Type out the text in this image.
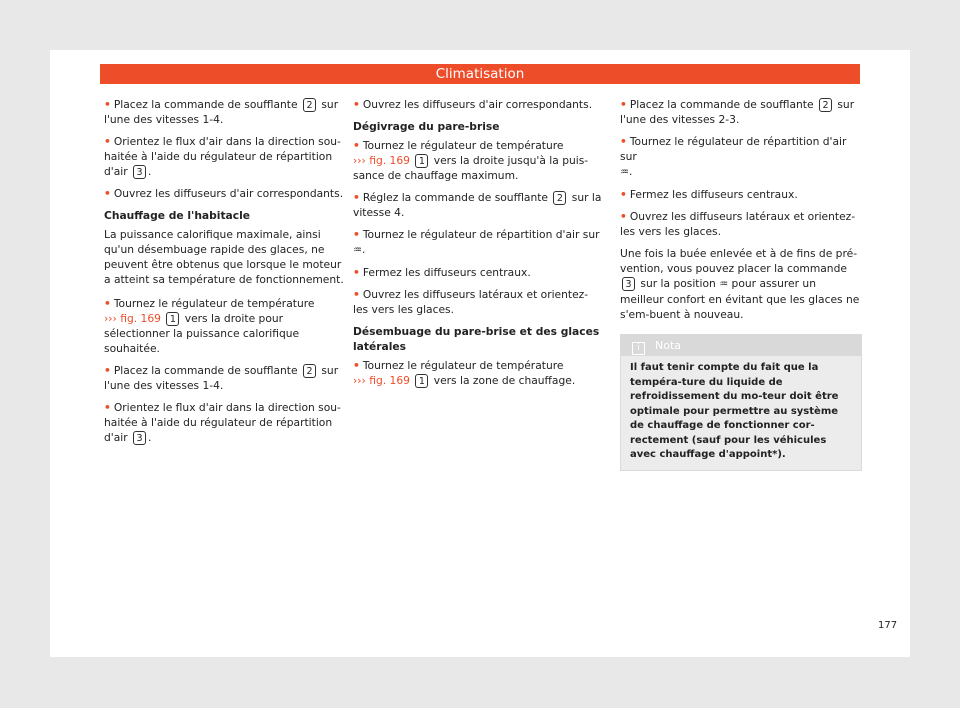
Climatisation

• Placez la commande de soufflante 2 sur l'une des vitesses 1-4.

• Orientez le flux d'air dans la direction sou-haitée à l'aide du régulateur de répartition d'air 3 .

• Ouvrez les diffuseurs d'air correspondants.

Chauffage de l'habitacle

La puissance calorifique maximale, ainsi qu'un désembuage rapide des glaces, ne peuvent être obtenus que lorsque le moteur a atteint sa température de fonctionnement.

• Tournez le régulateur de température
››› fig. 169 1 vers la droite pour sélectionner la puissance calorifique souhaitée.

• Placez la commande de soufflante 2 sur l'une des vitesses 1-4.

• Orientez le flux d'air dans la direction sou-haitée à l'aide du régulateur de répartition d'air 3 .

• Ouvrez les diffuseurs d'air correspondants.

Dégivrage du pare-brise

• Tournez le régulateur de température
››› fig. 169 1 vers la droite jusqu'à la puis-sance de chauffage maximum.

• Réglez la commande de soufflante 2 sur la vitesse 4.

• Tournez le régulateur de répartition d'air sur
♒.

• Fermez les diffuseurs centraux.

• Ouvrez les diffuseurs latéraux et orientez-les vers les glaces.

Désembuage du pare-brise et des glaces latérales

• Tournez le régulateur de température
››› fig. 169 1 vers la zone de chauffage.

• Placez la commande de soufflante 2 sur l'une des vitesses 2-3.

• Tournez le régulateur de répartition d'air sur
♒.

• Fermez les diffuseurs centraux.

• Ouvrez les diffuseurs latéraux et orientez-les vers les glaces.

Une fois la buée enlevée et à de fins de pré-vention, vous pouvez placer la commande 3 sur la position ♒ pour assurer un meilleur confort en évitant que les glaces ne s'em-buent à nouveau.

i Nota
Il faut tenir compte du fait que la tempéra-ture du liquide de refroidissement du mo-teur doit être optimale pour permettre au système de chauffage de fonctionner cor-rectement (sauf pour les véhicules avec chauffage d'appoint*).
177
